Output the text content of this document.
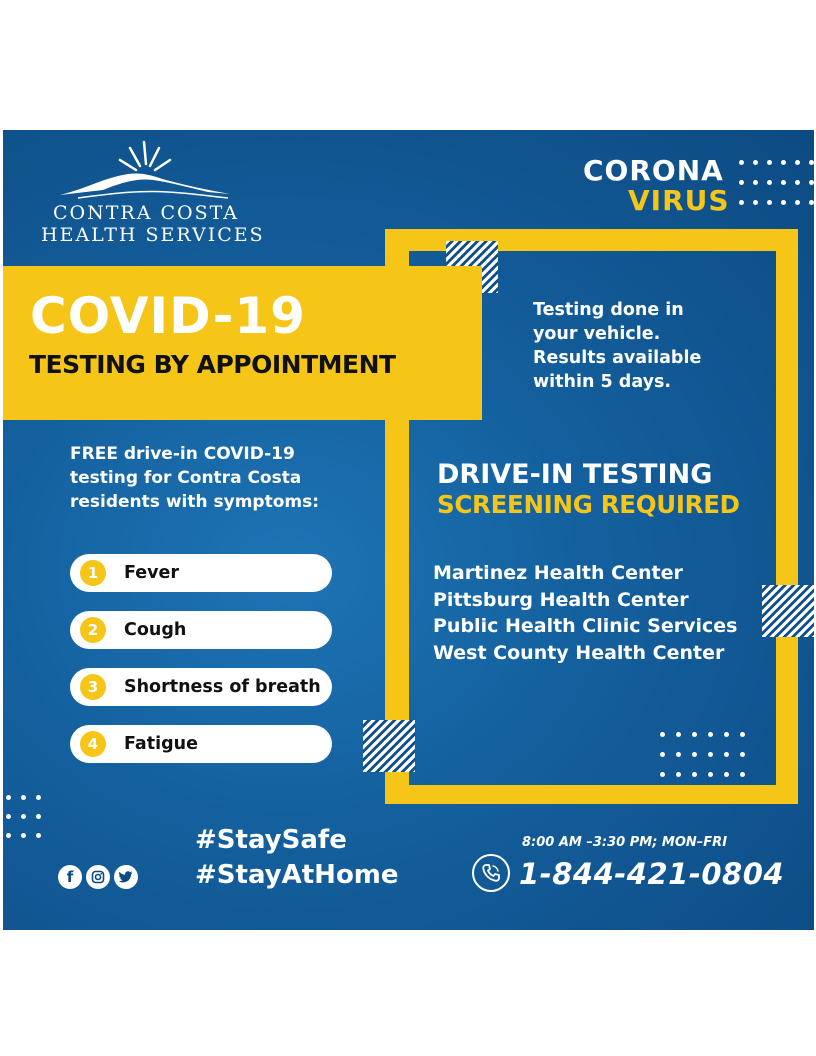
CONTRA COSTA
HEALTH SERVICES
CORONA
VIRUS
COVID-19
TESTING BY APPOINTMENT
Testing done in
your vehicle.
Results available
within 5 days.
FREE drive-in COVID-19
testing for Contra Costa
residents with symptoms:
1	Fever
2	Cough
3	Shortness of breath
4	Fatigue
DRIVE-IN TESTING
SCREENING REQUIRED
Martinez Health Center
Pittsburg Health Center
Public Health Clinic Services
West County Health Center
f
#StaySafe
#StayAtHome
8:00 AM –3:30 PM; MON–FRI
1-844-421-0804
